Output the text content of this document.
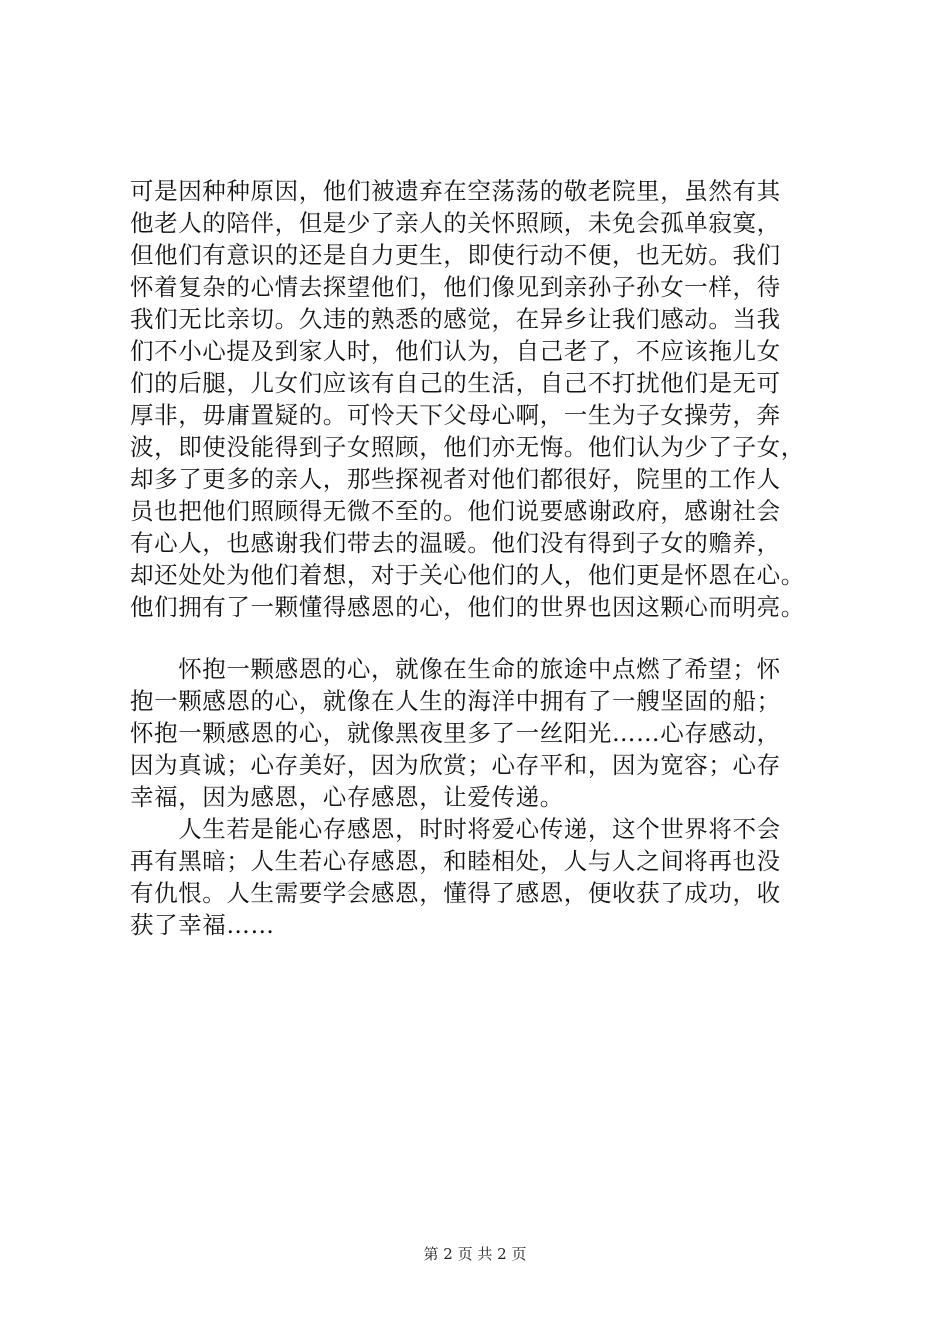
可是因种种原因，他们被遗弃在空荡荡的敬老院里，虽然有其
他老人的陪伴，但是少了亲人的关怀照顾，未免会孤单寂寞，
但他们有意识的还是自力更生，即使行动不便，也无妨。我们
怀着复杂的心情去探望他们，他们像见到亲孙子孙女一样，待
我们无比亲切。久违的熟悉的感觉，在异乡让我们感动。当我
们不小心提及到家人时，他们认为，自己老了，不应该拖儿女
们的后腿，儿女们应该有自己的生活，自己不打扰他们是无可
厚非，毋庸置疑的。可怜天下父母心啊，一生为子女操劳，奔
波，即使没能得到子女照顾，他们亦无悔。他们认为少了子女，
却多了更多的亲人，那些探视者对他们都很好，院里的工作人
员也把他们照顾得无微不至的。他们说要感谢政府，感谢社会
有心人，也感谢我们带去的温暖。他们没有得到子女的赡养，
却还处处为他们着想，对于关心他们的人，他们更是怀恩在心。
他们拥有了一颗懂得感恩的心，他们的世界也因这颗心而明亮。
　　怀抱一颗感恩的心，就像在生命的旅途中点燃了希望；怀
抱一颗感恩的心，就像在人生的海洋中拥有了一艘坚固的船；
怀抱一颗感恩的心，就像黑夜里多了一丝阳光……心存感动，
因为真诚；心存美好，因为欣赏；心存平和，因为宽容；心存
幸福，因为感恩，心存感恩，让爱传递。
　　人生若是能心存感恩，时时将爱心传递，这个世界将不会
再有黑暗；人生若心存感恩，和睦相处，人与人之间将再也没
有仇恨。人生需要学会感恩，懂得了感恩，便收获了成功，收
获了幸福……
第 2 页 共 2 页
